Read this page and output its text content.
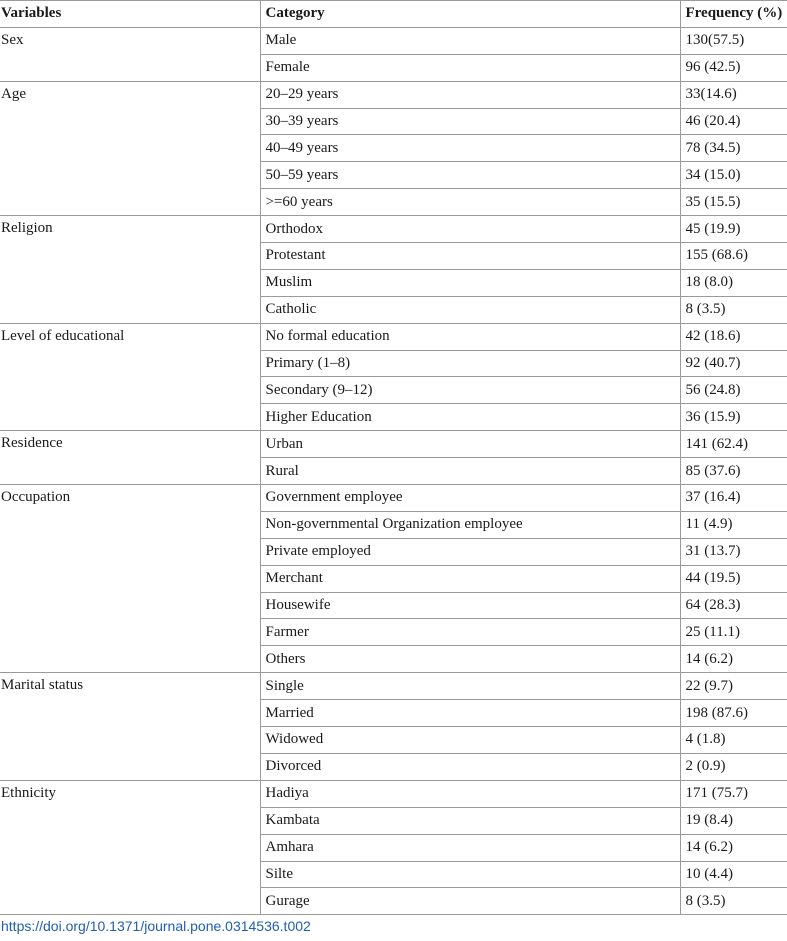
Variables	Category	Frequency (%)
Sex	Male	130(57.5)
	Female	96 (42.5)
Age	20–29 years	33(14.6)
	30–39 years	46 (20.4)
	40–49 years	78 (34.5)
	50–59 years	34 (15.0)
	>=60 years	35 (15.5)
Religion	Orthodox	45 (19.9)
	Protestant	155 (68.6)
	Muslim	18 (8.0)
	Catholic	8 (3.5)
Level of educational	No formal education	42 (18.6)
	Primary (1–8)	92 (40.7)
	Secondary (9–12)	56 (24.8)
	Higher Education	36 (15.9)
Residence	Urban	141 (62.4)
	Rural	85 (37.6)
Occupation	Government employee	37 (16.4)
	Non-governmental Organization employee	11 (4.9)
	Private employed	31 (13.7)
	Merchant	44 (19.5)
	Housewife	64 (28.3)
	Farmer	25 (11.1)
	Others	14 (6.2)
Marital status	Single	22 (9.7)
	Married	198 (87.6)
	Widowed	4 (1.8)
	Divorced	2 (0.9)
Ethnicity	Hadiya	171 (75.7)
	Kambata	19 (8.4)
	Amhara	14 (6.2)
	Silte	10 (4.4)
	Gurage	8 (3.5)
https://doi.org/10.1371/journal.pone.0314536.t002
